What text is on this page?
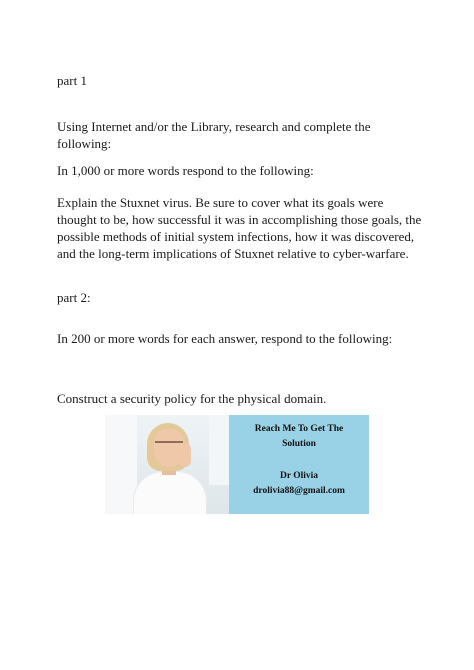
part 1

Using Internet and/or the Library, research and complete the following:

In 1,000 or more words respond to the following:

Explain the Stuxnet virus. Be sure to cover what its goals were thought to be, how successful it was in accomplishing those goals, the possible methods of initial system infections, how it was discovered, and the long-term implications of Stuxnet relative to cyber-warfare.

part 2:

In 200 or more words for each answer, respond to the following:

Construct a security policy for the physical domain.

Reach Me To Get The
Solution
Dr Olivia
drolivia88@gmail.com
